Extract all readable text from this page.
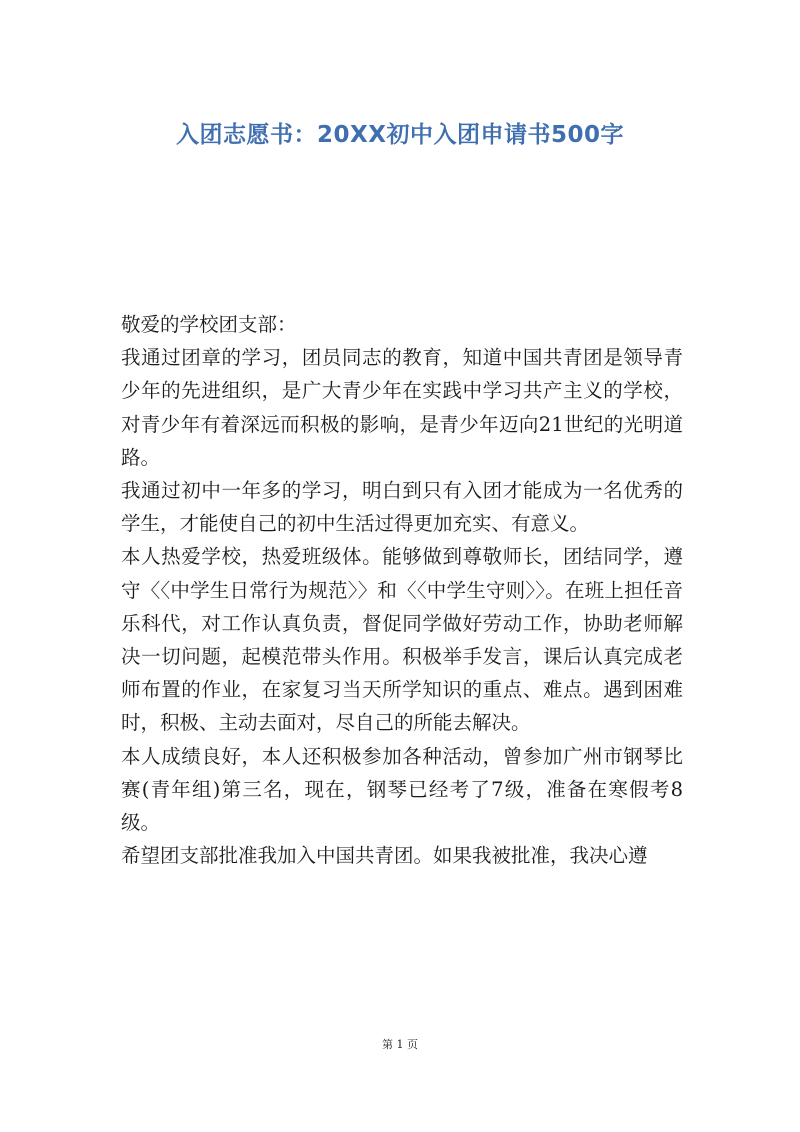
入团志愿书：20XX初中入团申请书500字

敬爱的学校团支部：

我通过团章的学习，团员同志的教育，知道中国共青团是领导青少年的先进组织，是广大青少年在实践中学习共产主义的学校，对青少年有着深远而积极的影响，是青少年迈向21世纪的光明道路。

我通过初中一年多的学习，明白到只有入团才能成为一名优秀的学生，才能使自己的初中生活过得更加充实、有意义。

本人热爱学校，热爱班级体。能够做到尊敬师长，团结同学，遵守〈〈中学生日常行为规范〉〉和〈〈中学生守则〉〉。在班上担任音乐科代，对工作认真负责，督促同学做好劳动工作，协助老师解决一切问题，起模范带头作用。积极举手发言，课后认真完成老师布置的作业，在家复习当天所学知识的重点、难点。遇到困难时，积极、主动去面对，尽自己的所能去解决。

本人成绩良好，本人还积极参加各种活动，曾参加广州市钢琴比赛(青年组)第三名，现在，钢琴已经考了7级，准备在寒假考8级。

希望团支部批准我加入中国共青团。如果我被批准，我决心遵

第 1 页
